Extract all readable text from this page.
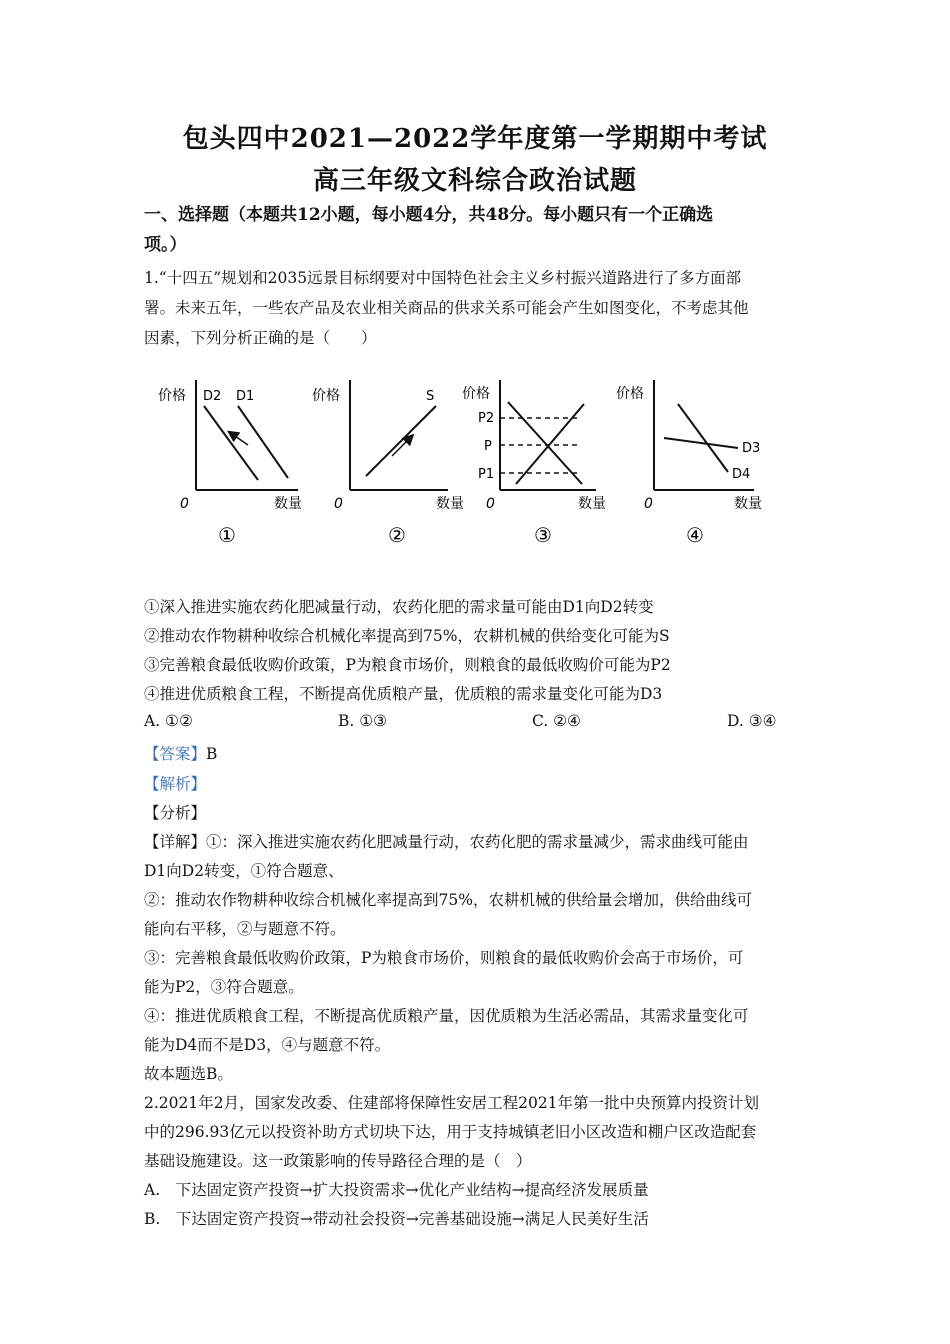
包头四中2021—2022学年度第一学期期中考试
高三年级文科综合政治试题
一、选择题（本题共12小题，每小题4分，共48分。每小题只有一个正确选
项。）
1.“十四五”规划和2035远景目标纲要对中国特色社会主义乡村振兴道路进行了多方面部
署。未来五年，一些农产品及农业相关商品的供求关系可能会产生如图变化，不考虑其他
因素，下列分析正确的是（　　）
价格 D2 D1
0	数量
①
价格	S
0	数量
②
价格
P2
P
P1
0	数量
③
价格
D3
D4
0	数量
④
①深入推进实施农药化肥减量行动，农药化肥的需求量可能由D1向D2转变
②推动农作物耕种收综合机械化率提高到75%，农耕机械的供给变化可能为S
③完善粮食最低收购价政策，P为粮食市场价，则粮食的最低收购价可能为P2
④推进优质粮食工程，不断提高优质粮产量，优质粮的需求量变化可能为D3
A. ①②	B. ①③	C. ②④	D. ③④
【答案】B
【解析】
【分析】
【详解】①：深入推进实施农药化肥减量行动，农药化肥的需求量减少，需求曲线可能由
D1向D2转变，①符合题意、
②：推动农作物耕种收综合机械化率提高到75%，农耕机械的供给量会增加，供给曲线可
能向右平移，②与题意不符。
③：完善粮食最低收购价政策，P为粮食市场价，则粮食的最低收购价会高于市场价，可
能为P2，③符合题意。
④：推进优质粮食工程，不断提高优质粮产量，因优质粮为生活必需品，其需求量变化可
能为D4而不是D3，④与题意不符。
故本题选B。
2.2021年2月，国家发改委、住建部将保障性安居工程2021年第一批中央预算内投资计划
中的296.93亿元以投资补助方式切块下达，用于支持城镇老旧小区改造和棚户区改造配套
基础设施建设。这一政策影响的传导路径合理的是（　）
A.　下达固定资产投资→扩大投资需求→优化产业结构→提高经济发展质量
B.　下达固定资产投资→带动社会投资→完善基础设施→满足人民美好生活
